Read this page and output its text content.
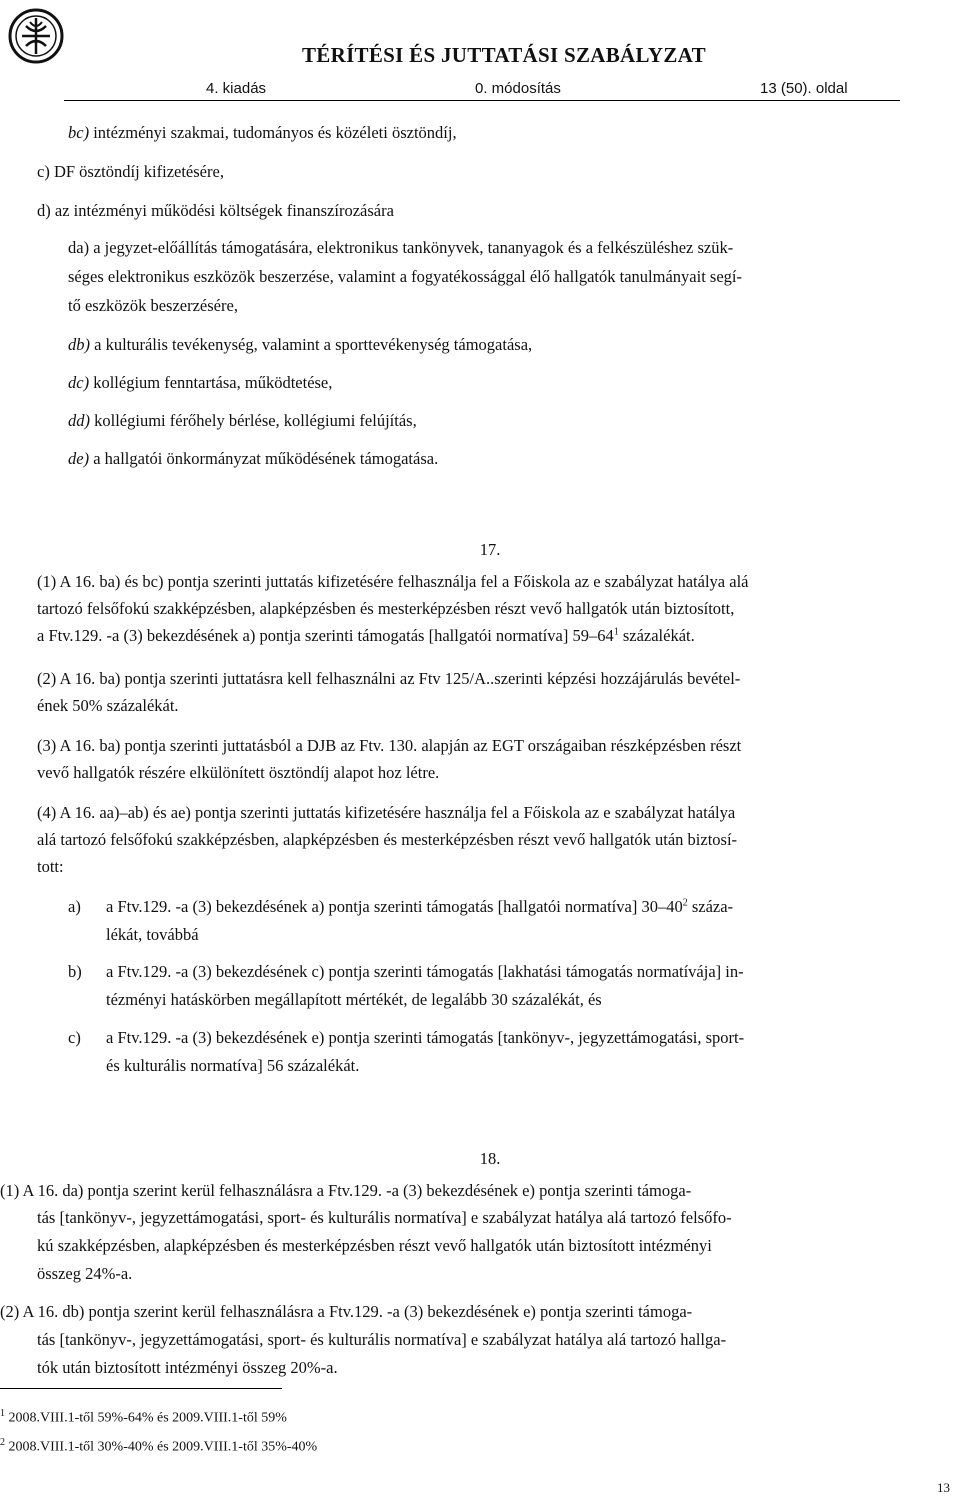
TÉRÍTÉSI ÉS JUTTATÁSI SZABÁLYZAT
4. kiadás	0. módosítás	13 (50). oldal
bc) intézményi szakmai, tudományos és közéleti ösztöndíj,
c) DF ösztöndíj kifizetésére,
d) az intézményi működési költségek finanszírozására
da) a jegyzet-előállítás támogatására, elektronikus tankönyvek, tananyagok és a felkészüléshez szük-
séges elektronikus eszközök beszerzése, valamint a fogyatékossággal élő hallgatók tanulmányait segí-
tő eszközök beszerzésére,
db) a kulturális tevékenység, valamint a sporttevékenység támogatása,
dc) kollégium fenntartása, működtetése,
dd) kollégiumi férőhely bérlése, kollégiumi felújítás,
de) a hallgatói önkormányzat működésének támogatása.
17.
(1) A 16. ba) és bc) pontja szerinti juttatás kifizetésére felhasználja fel a Főiskola az e szabályzat hatálya alá
tartozó felsőfokú szakképzésben, alapképzésben és mesterképzésben részt vevő hallgatók után biztosított,
a Ftv.129. -a (3) bekezdésének a) pontja szerinti támogatás [hallgatói normatíva] $59-64^1$ százalékát.
(2) A 16. ba) pontja szerinti juttatásra kell felhasználni az Ftv 125/A..szerinti képzési hozzájárulás bevétel-
ének 50% százalékát.
(3) A 16. ba) pontja szerinti juttatásból a DJB az Ftv. 130. alapján az EGT országaiban részképzésben részt
vevő hallgatók részére elkülönített ösztöndíj alapot hoz létre.
(4) A 16. aa)–ab) és ae) pontja szerinti juttatás kifizetésére használja fel a Főiskola az e szabályzat hatálya
alá tartozó felsőfokú szakképzésben, alapképzésben és mesterképzésben részt vevő hallgatók után biztosí-
tott:
a) a Ftv.129. -a (3) bekezdésének a) pontja szerinti támogatás [hallgatói normatíva] $30-40^2$ száza-
lékát, továbbá
b) a Ftv.129. -a (3) bekezdésének c) pontja szerinti támogatás [lakhatási támogatás normatívája] in-
tézményi hatáskörben megállapított mértékét, de legalább 30 százalékát, és
c) a Ftv.129. -a (3) bekezdésének e) pontja szerinti támogatás [tankönyv-, jegyzettámogatási, sport-
és kulturális normatíva] 56 százalékát.
18.
(1) A 16. da) pontja szerint kerül felhasználásra a Ftv.129. -a (3) bekezdésének e) pontja szerinti támoga-
tás [tankönyv-, jegyzettámogatási, sport- és kulturális normatíva] e szabályzat hatálya alá tartozó felsőfo-
kú szakképzésben, alapképzésben és mesterképzésben részt vevő hallgatók után biztosított intézményi
összeg 24%-a.
(2) A 16. db) pontja szerint kerül felhasználásra a Ftv.129. -a (3) bekezdésének e) pontja szerinti támoga-
tás [tankönyv-, jegyzettámogatási, sport- és kulturális normatíva] e szabályzat hatálya alá tartozó hallga-
tók után biztosított intézményi összeg 20%-a.
$^1$ 2008.VIII.1-től 59%-64% és 2009.VIII.1-től 59%
$^2$ 2008.VIII.1-től 30%-40% és 2009.VIII.1-től 35%-40%
13
